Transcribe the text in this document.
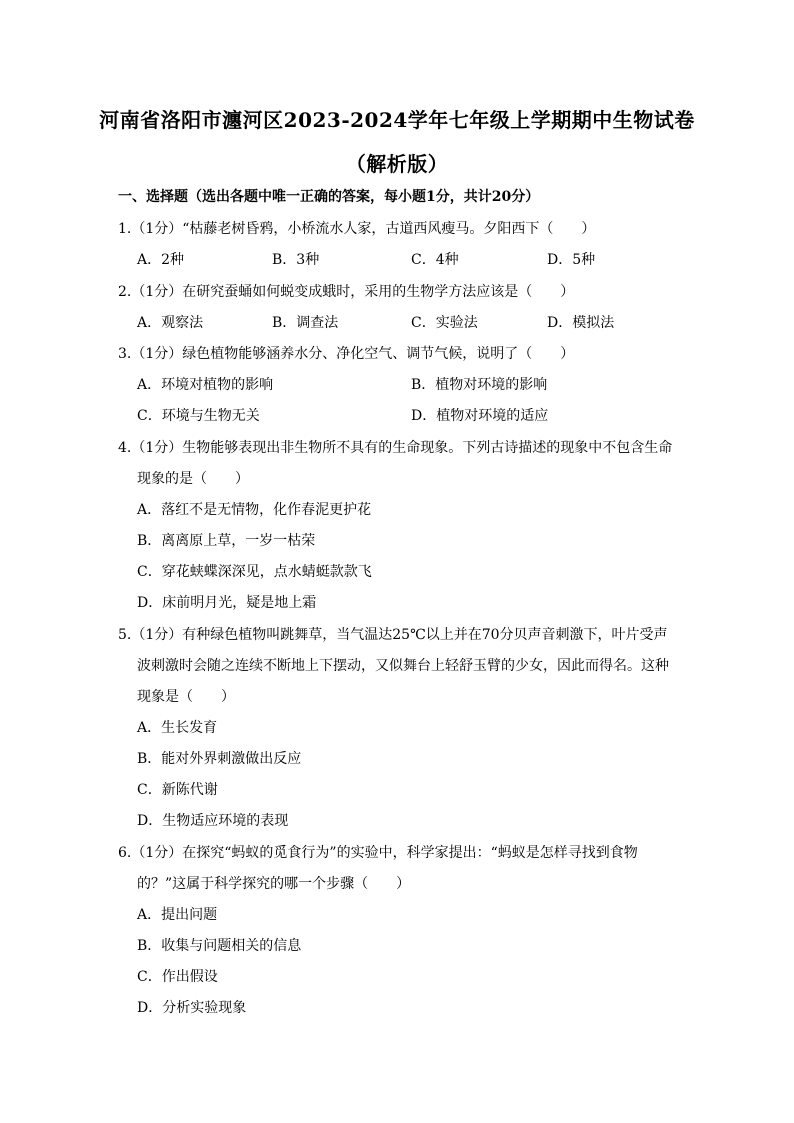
河南省洛阳市瀍河区2023-2024学年七年级上学期期中生物试卷
（解析版）
一、选择题（选出各题中唯一正确的答案，每小题1分，共计20分）
1.（1分）“枯藤老树昏鸦，小桥流水人家，古道西风瘦马。夕阳西下（　　）
A．2种	B．3种	C．4种	D．5种
2.（1分）在研究蚕蛹如何蜕变成蛾时，采用的生物学方法应该是（　　）
A．观察法	B．调查法	C．实验法	D．模拟法
3.（1分）绿色植物能够涵养水分、净化空气、调节气候，说明了（　　）
A．环境对植物的影响	B．植物对环境的影响
C．环境与生物无关	D．植物对环境的适应
4.（1分）生物能够表现出非生物所不具有的生命现象。下列古诗描述的现象中不包含生命
现象的是（　　）
A．落红不是无情物，化作春泥更护花
B．离离原上草，一岁一枯荣
C．穿花蛱蝶深深见，点水蜻蜓款款飞
D．床前明月光，疑是地上霜
5.（1分）有种绿色植物叫跳舞草，当气温达25℃以上并在70分贝声音刺激下，叶片受声
波刺激时会随之连续不断地上下摆动，又似舞台上轻舒玉臂的少女，因此而得名。这种
现象是（　　）
A．生长发育
B．能对外界刺激做出反应
C．新陈代谢
D．生物适应环境的表现
6.（1分）在探究“蚂蚁的觅食行为”的实验中，科学家提出：“蚂蚁是怎样寻找到食物
的？”这属于科学探究的哪一个步骤（　　）
A．提出问题
B．收集与问题相关的信息
C．作出假设
D．分析实验现象
